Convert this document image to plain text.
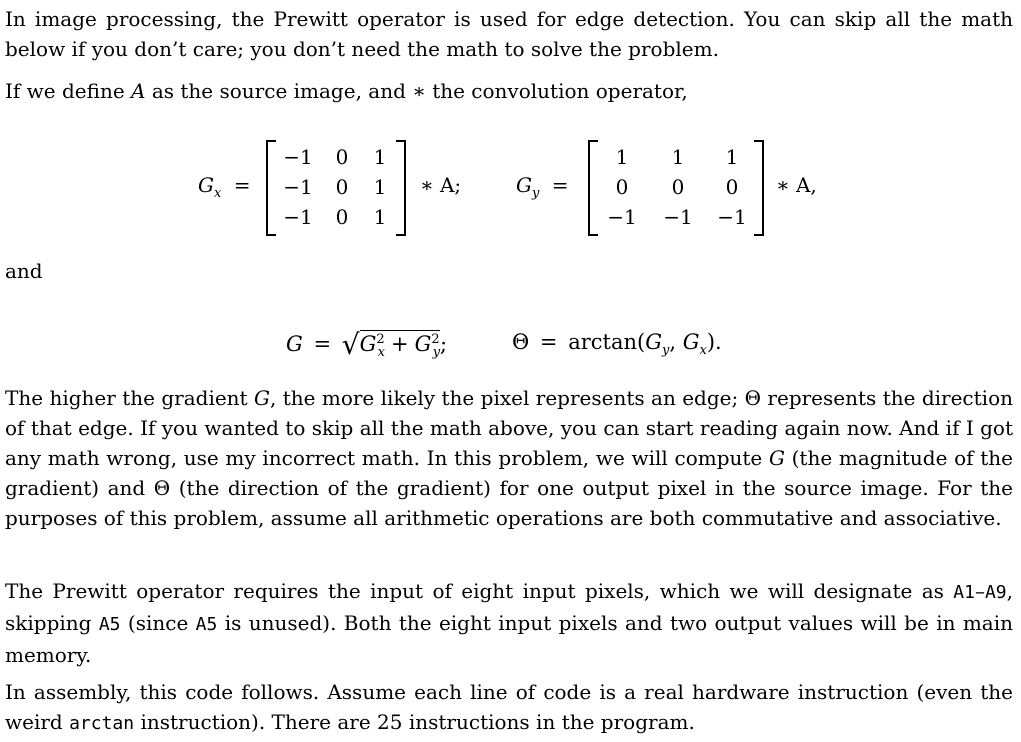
In image processing, the Prewitt operator is used for edge detection. You can skip all the math below if you don’t care; you don’t need the math to solve the problem.

If we define A as the source image, and ∗ the convolution operator,

$G_x$ =
−1	0	1
−1	0	1
−1	0	1
∗ A;	$G_y$ =
1	1	1
0	0	0
−1 −1 −1
∗ A,

and

$G = √G^2_x + G^2_y$;	$\Theta = \arctan(G_y$, $G_x$).

The higher the gradient G, the more likely the pixel represents an edge; Θ represents the direction of that edge. If you wanted to skip all the math above, you can start reading again now. And if I got any math wrong, use my incorrect math. In this problem, we will compute G (the magnitude of the gradient) and Θ (the direction of the gradient) for one output pixel in the source image. For the purposes of this problem, assume all arithmetic operations are both commutative and associative.

The Prewitt operator requires the input of eight input pixels, which we will designate as A1–A9, skipping A5 (since A5 is unused). Both the eight input pixels and two output values will be in main memory.

In assembly, this code follows. Assume each line of code is a real hardware instruction (even the weird arctan instruction). There are 25 instructions in the program.
